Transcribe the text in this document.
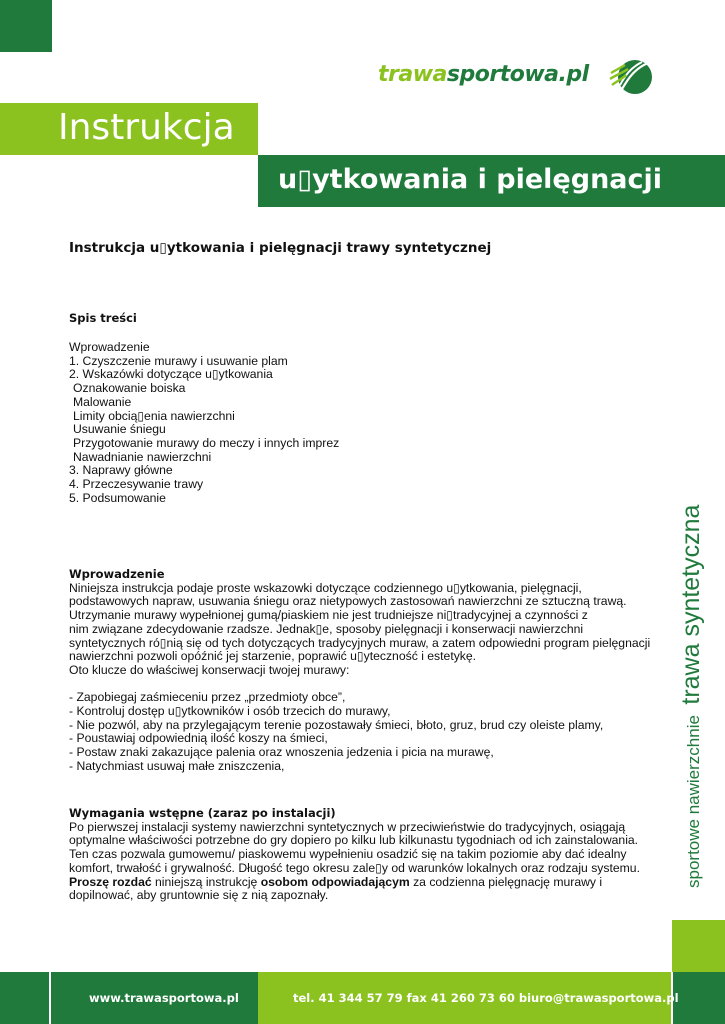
trawasportowa.pl
Instrukcja
u▯ytkowania i pielęgnacji
Instrukcja u▯ytkowania i pielęgnacji trawy syntetycznej
Spis treści
Wprowadzenie
1. Czyszczenie murawy i usuwanie plam
2. Wskazówki dotyczące u▯ytkowania
Oznakowanie boiska
Malowanie
Limity obcią▯enia nawierzchni
Usuwanie śniegu
Przygotowanie murawy do meczy i innych imprez
Nawadnianie nawierzchni
3. Naprawy główne
4. Przeczesywanie trawy
5. Podsumowanie
Wprowadzenie
Niniejsza instrukcja podaje proste wskazowki dotyczące codziennego u▯ytkowania, pielęgnacji,
podstawowych napraw, usuwania śniegu oraz nietypowych zastosowań nawierzchni ze sztuczną trawą.
Utrzymanie murawy wypełnionej gumą/piaskiem nie jest trudniejsze ni▯tradycyjnej a czynności z
nim związane zdecydowanie rzadsze. Jednak▯e, sposoby pielęgnacji i konserwacji nawierzchni
syntetycznych ró▯nią się od tych dotyczących tradycyjnych muraw, a zatem odpowiedni program pielęgnacji
nawierzchni pozwoli opóźnić jej starzenie, poprawić u▯yteczność i estetykę.
Oto klucze do właściwej konserwacji twojej murawy:
- Zapobiegaj zaśmieceniu przez „przedmioty obce”,
- Kontroluj dostęp u▯ytkowników i osób trzecich do murawy,
- Nie pozwól, aby na przylegającym terenie pozostawały śmieci, błoto, gruz, brud czy oleiste plamy,
- Poustawiaj odpowiednią ilość koszy na śmieci,
- Postaw znaki zakazujące palenia oraz wnoszenia jedzenia i picia na murawę,
- Natychmiast usuwaj małe zniszczenia,
Wymagania wstępne (zaraz po instalacji)
Po pierwszej instalacji systemy nawierzchni syntetycznych w przeciwieństwie do tradycyjnych, osiągają
optymalne właściwości potrzebne do gry dopiero po kilku lub kilkunastu tygodniach od ich zainstalowania.
Ten czas pozwala gumowemu/ piaskowemu wypełnieniu osadzić się na takim poziomie aby dać idealny
komfort, trwałość i grywalność. Długość tego okresu zale▯y od warunków lokalnych oraz rodzaju systemu.
Proszę rozdać niniejszą instrukcję osobom odpowiadającym za codzienna pielęgnację murawy i
dopilnować, aby gruntownie się z nią zapoznały.
sportowe nawierzchnie trawa syntetyczna
www.trawasportowa.pl	tel. 41 344 57 79 fax 41 260 73 60 biuro@trawasportowa.pl
